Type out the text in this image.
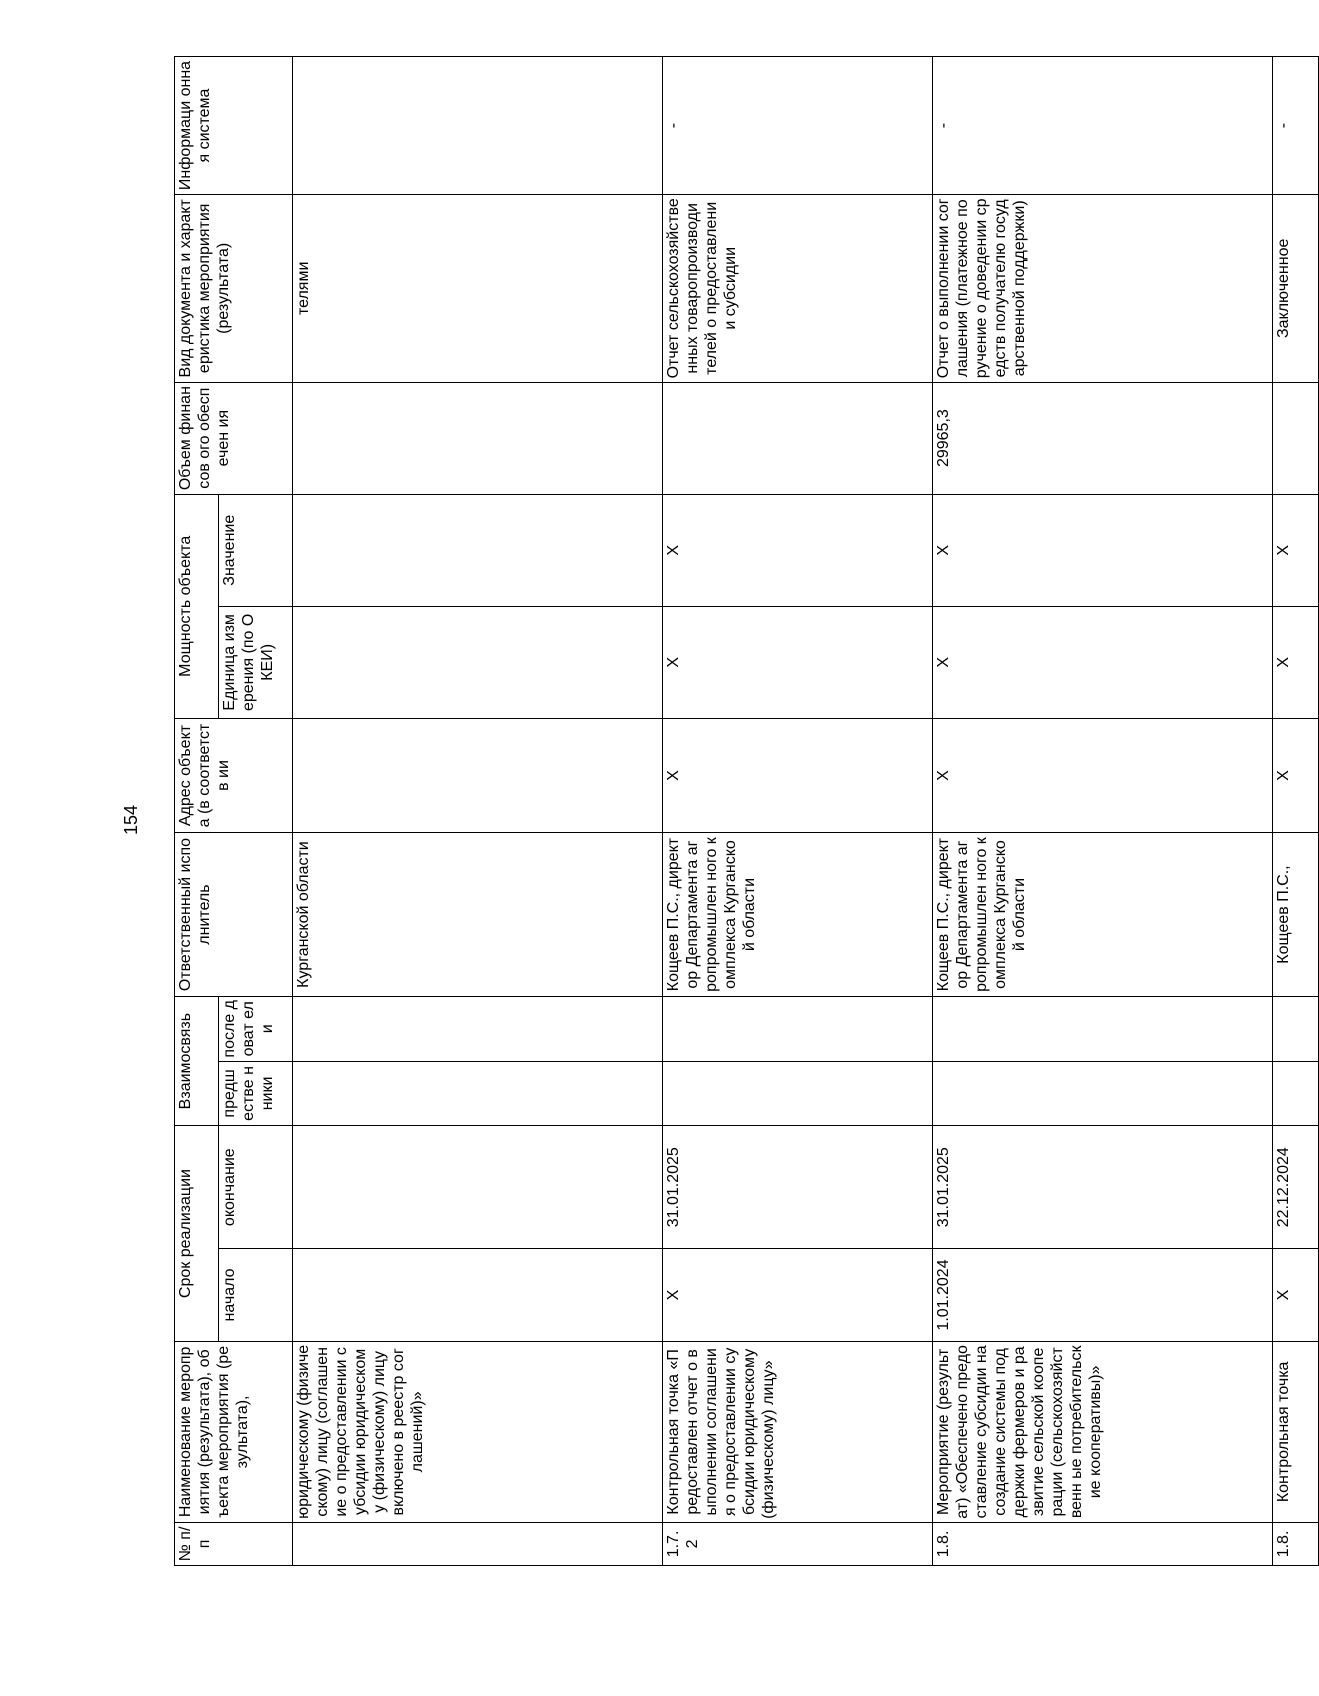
154
№ п/п	Наименование мероприятия (результата), объекта мероприятия (результата),	Срок реализации		Взаимосвязь		Ответственный исполнитель	Адрес объекта (в соответств ии	Мощность объекта		Объем финансов ого обеспечен ия	Вид документа и характеристика мероприятия (результата)	Информаци онная система
		начало	окончание	предш естве нники	после доват ели			Единица измерения (по ОКЕИ)	Значение			
	юридическому (физическому) лицу (соглашение о предоставлении субсидии юридическому (физическому) лицу включено в реестр соглашений)»					Курганской области					телями	
1.7. 2	Контрольная точка «Предоставлен отчет о выполнении соглашения о предоставлении субсидии юридическому (физическому) лицу»	X	31.01.2025			Кощеев П.С., директор Департамента агропромышлен ного комплекса Курганской области	X	X	X		Отчет сельскохозяйстве нных товаропроизводи телей о предоставлении субсидии	-
1.8.	Мероприятие (результат) «Обеспечено предоставление субсидии на создание системы поддержки фермеров и развитие сельской кооперации (сельскохозяйственн ые потребительские кооперативы)»	1.01.2024	31.01.2025			Кощеев П.С., директор Департамента агропромышлен ного комплекса Курганской области	X	X	X	29965,3	Отчет о выполнении соглашения (платежное поручение о доведении средств получателю государственной поддержки)	-
1.8.	Контрольная точка	X	22.12.2024			Кощеев П.С.,	X	X	X		Заключенное	-
